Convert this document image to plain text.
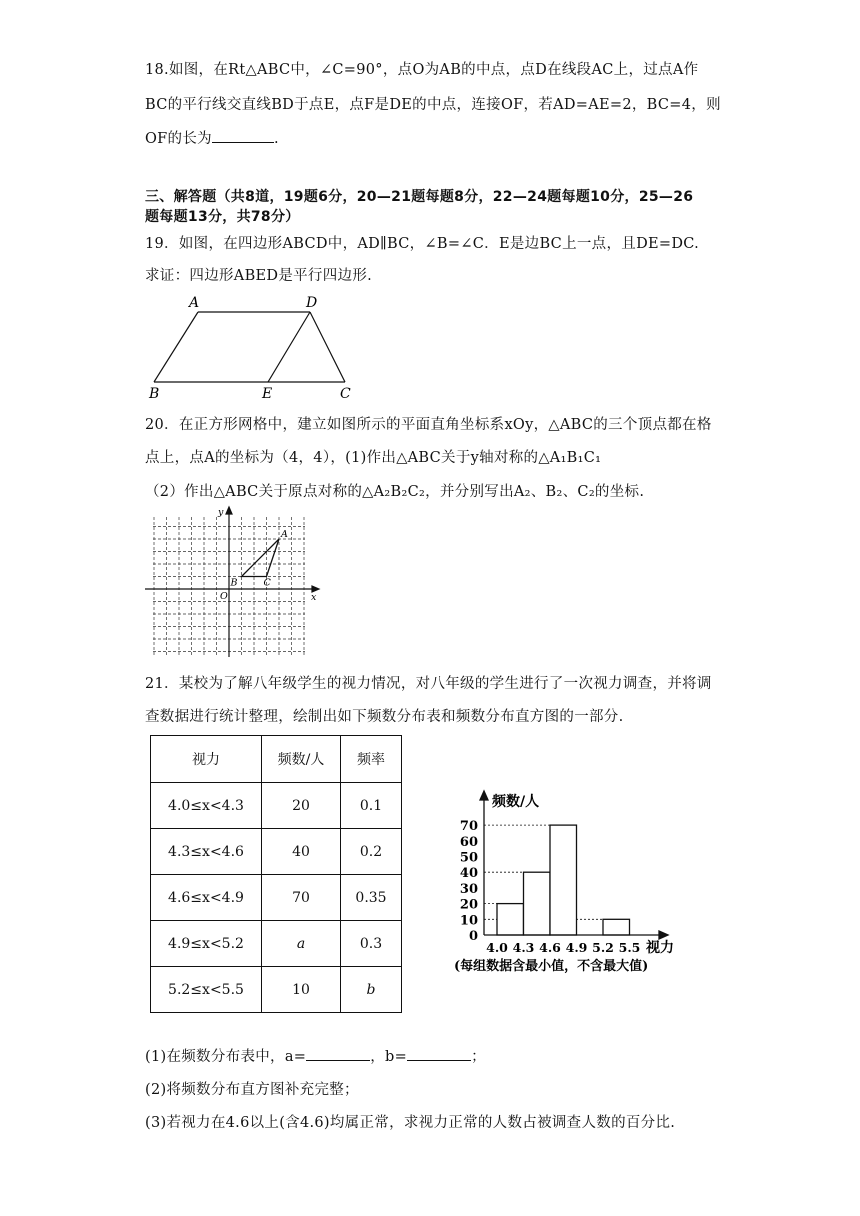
18.如图，在Rt△ABC中，∠C=90°，点O为AB的中点，点D在线段AC上，过点A作
BC的平行线交直线BD于点E，点F是DE的中点，连接OF，若AD=AE=2，BC=4，则
OF的长为	.
三、解答题（共8道，19题6分，20—21题每题8分，22—24题每题10分，25—26
题每题13分，共78分）
19．如图，在四边形ABCD中，AD∥BC，∠B=∠C．E是边BC上一点，且DE=DC.
求证：四边形ABED是平行四边形.
A	D
B	E	C
20．在正方形网格中，建立如图所示的平面直角坐标系xOy，△ABC的三个顶点都在格
点上，点A的坐标为（4，4），(1)作出△ABC关于y轴对称的△A₁B₁C₁
（2）作出△ABC关于原点对称的△A₂B₂C₂，并分别写出A₂、B₂、C₂的坐标.
y
x
O
A
B	C
21．某校为了解八年级学生的视力情况，对八年级的学生进行了一次视力调查，并将调
查数据进行统计整理，绘制出如下频数分布表和频数分布直方图的一部分.
视力	频数/人	频率
4.0≤x<4.3	20	0.1
4.3≤x<4.6	40	0.2
4.6≤x<4.9	70	0.35
4.9≤x<5.2	a	0.3
5.2≤x<5.5	10	b
0
10
20
30
40
50
60
70
4.0 4.3 4.6 4.9 5.2 5.5
频数/人
视力
(每组数据含最小值，不含最大值)
(1)在频数分布表中，a=	，b=	；
(2)将频数分布直方图补充完整；
(3)若视力在4.6以上(含4.6)均属正常，求视力正常的人数占被调查人数的百分比.
